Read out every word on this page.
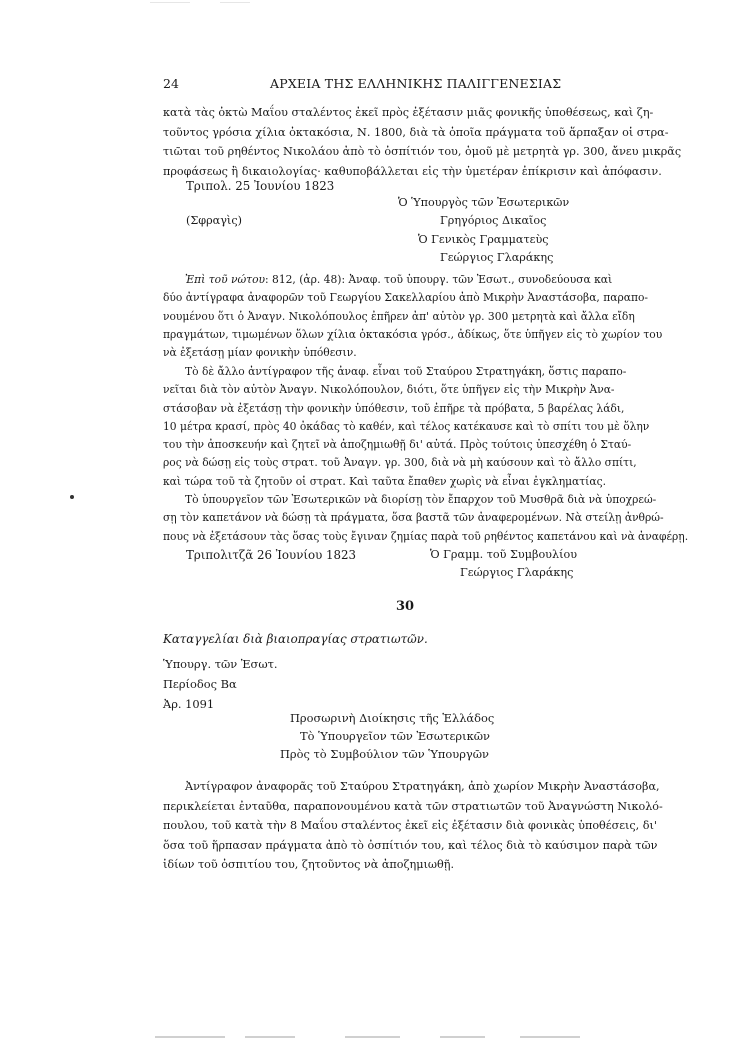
24	ΑΡΧΕΙΑ ΤΗΣ ΕΛΛΗΝΙΚΗΣ ΠΑΛΙΓΓΕΝΕΣΙΑΣ
κατὰ τὰς ὀκτὼ Μαΐου σταλέντος ἐκεῖ πρὸς ἐξέτασιν μιᾶς φονικῆς ὑποθέσεως, καὶ ζη-
τοῦντος γρόσια χίλια ὀκτακόσια, Ν. 1800, διὰ τὰ ὁποῖα πράγματα τοῦ ἅρπαξαν οἱ στρα-
τιῶται τοῦ ρηθέντος Νικολάου ἀπὸ τὸ ὀσπίτιόν του, ὁμοῦ μὲ μετρητὰ γρ. 300, ἄνευ μικρᾶς
προφάσεως ἢ δικαιολογίας· καθυποβάλλεται εἰς τὴν ὑμετέραν ἐπίκρισιν καὶ ἀπόφασιν.
Τριπολ. 25 Ἰουνίου 1823
Ὁ Ὑπουργὸς τῶν Ἐσωτερικῶν
(Σφραγὶς)	Γρηγόριος Δικαῖος
Ὁ Γενικὸς Γραμματεὺς
Γεώργιος Γλαράκης
Ἐπὶ τοῦ νώτου: 812, (ἀρ. 48): Ἀναφ. τοῦ ὑπουργ. τῶν Ἐσωτ., συνοδεύουσα καὶ
δύο ἀντίγραφα ἀναφορῶν τοῦ Γεωργίου Σακελλαρίου ἀπὸ Μικρὴν Ἀναστάσοβα, παραπο-
νουμένου ὅτι ὁ Ἀναγν. Νικολόπουλος ἐπῆρεν ἀπ' αὐτὸν γρ. 300 μετρητὰ καὶ ἄλλα εἴδη
πραγμάτων, τιμωμένων ὅλων χίλια ὀκτακόσια γρόσ., ἀδίκως, ὅτε ὑπῆγεν εἰς τὸ χωρίον του
νὰ ἐξετάσῃ μίαν φονικὴν ὑπόθεσιν.
Τὸ δὲ ἄλλο ἀντίγραφον τῆς ἀναφ. εἶναι τοῦ Σταύρου Στρατηγάκη, ὅστις παραπο-
νεῖται διὰ τὸν αὐτὸν Ἀναγν. Νικολόπουλον, διότι, ὅτε ὑπῆγεν εἰς τὴν Μικρὴν Ἀνα-
στάσοβαν νὰ ἐξετάσῃ τὴν φονικὴν ὑπόθεσιν, τοῦ ἐπῆρε τὰ πρόβατα, 5 βαρέλας λάδι,
10 μέτρα κρασί, πρὸς 40 ὀκάδας τὸ καθέν, καὶ τέλος κατέκαυσε καὶ τὸ σπίτι του μὲ ὅλην
του τὴν ἀποσκευήν καὶ ζητεῖ νὰ ἀποζημιωθῇ δι' αὐτά. Πρὸς τούτοις ὑπεσχέθη ὁ Σταύ-
ρος νὰ δώσῃ εἰς τοὺς στρατ. τοῦ Ἀναγν. γρ. 300, διὰ νὰ μὴ καύσουν καὶ τὸ ἄλλο σπίτι,
καὶ τώρα τοῦ τὰ ζητοῦν οἱ στρατ. Καὶ ταῦτα ἔπαθεν χωρὶς νὰ εἶναι ἐγκληματίας.
Τὸ ὑπουργεῖον τῶν Ἐσωτερικῶν νὰ διορίσῃ τὸν ἔπαρχον τοῦ Μυσθρᾶ διὰ νὰ ὑποχρεώ-
σῃ τὸν καπετάνον νὰ δώσῃ τὰ πράγματα, ὅσα βαστᾶ τῶν ἀναφερομένων. Νὰ στείλῃ ἀνθρώ-
πους νὰ ἐξετάσουν τὰς ὅσας τοὺς ἔγιναν ζημίας παρὰ τοῦ ρηθέντος καπετάνου καὶ νὰ ἀναφέρῃ.
Τριπολιτζᾶ 26 Ἰουνίου 1823	Ὁ Γραμμ. τοῦ Συμβουλίου
Γεώργιος Γλαράκης
30
Καταγγελίαι διὰ βιαιοπραγίας στρατιωτῶν.
Ὑπουργ. τῶν Ἐσωτ.
Περίοδος Βα
Ἀρ. 1091
Προσωρινὴ Διοίκησις τῆς Ἑλλάδος
Τὸ Ὑπουργεῖον τῶν Ἐσωτερικῶν
Πρὸς τὸ Συμβούλιον τῶν Ὑπουργῶν
Ἀντίγραφον ἀναφορᾶς τοῦ Σταύρου Στρατηγάκη, ἀπὸ χωρίον Μικρὴν Ἀναστάσοβα,
περικλείεται ἐνταῦθα, παραπονουμένου κατὰ τῶν στρατιωτῶν τοῦ Ἀναγνώστη Νικολό-
πουλου, τοῦ κατὰ τὴν 8 Μαΐου σταλέντος ἐκεῖ εἰς ἐξέτασιν διὰ φονικὰς ὑποθέσεις, δι'
ὅσα τοῦ ἥρπασαν πράγματα ἀπὸ τὸ ὀσπίτιόν του, καὶ τέλος διὰ τὸ καύσιμον παρὰ τῶν
ἰδίων τοῦ ὀσπιτίου του, ζητοῦντος νὰ ἀποζημιωθῇ.
